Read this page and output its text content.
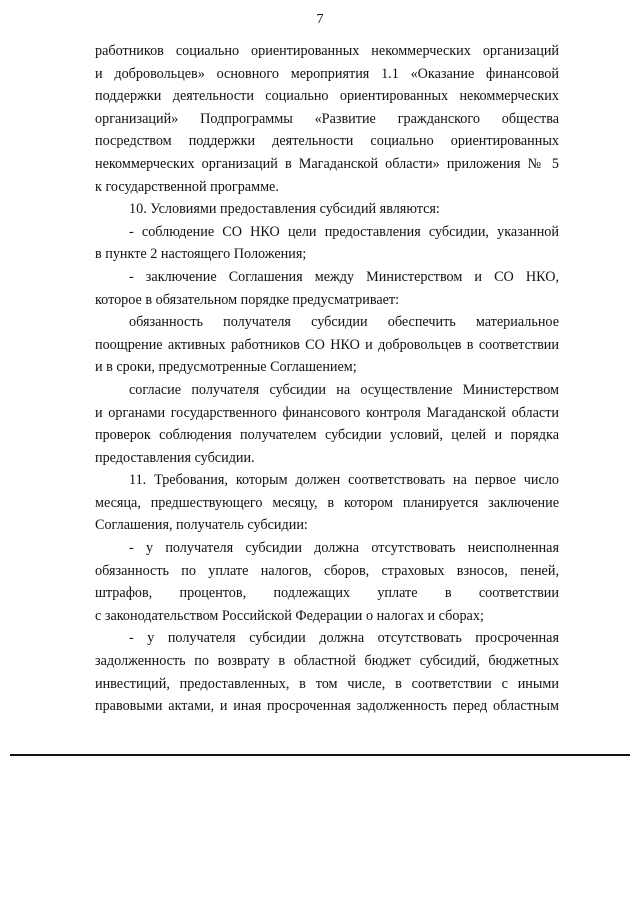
7

работников социально ориентированных некоммерческих организаций
и добровольцев» основного мероприятия 1.1 «Оказание финансовой
поддержки деятельности социально ориентированных некоммерческих
организаций» Подпрограммы «Развитие гражданского общества
посредством поддержки деятельности социально ориентированных
некоммерческих организаций в Магаданской области» приложения № 5
к государственной программе.

10. Условиями предоставления субсидий являются:

- соблюдение СО НКО цели предоставления субсидии, указанной
в пункте 2 настоящего Положения;

- заключение Соглашения между Министерством и СО НКО,
которое в обязательном порядке предусматривает:

обязанность получателя субсидии обеспечить материальное
поощрение активных работников СО НКО и добровольцев в соответствии
и в сроки, предусмотренные Соглашением;

согласие получателя субсидии на осуществление Министерством
и органами государственного финансового контроля Магаданской области
проверок соблюдения получателем субсидии условий, целей и порядка
предоставления субсидии.

11. Требования, которым должен соответствовать на первое число
месяца, предшествующего месяцу, в котором планируется заключение
Соглашения, получатель субсидии:

- у получателя субсидии должна отсутствовать неисполненная
обязанность по уплате налогов, сборов, страховых взносов, пеней,
штрафов, процентов, подлежащих уплате в соответствии
с законодательством Российской Федерации о налогах и сборах;

- у получателя субсидии должна отсутствовать просроченная
задолженность по возврату в областной бюджет субсидий, бюджетных
инвестиций, предоставленных, в том числе, в соответствии с иными
правовыми актами, и иная просроченная задолженность перед областным
